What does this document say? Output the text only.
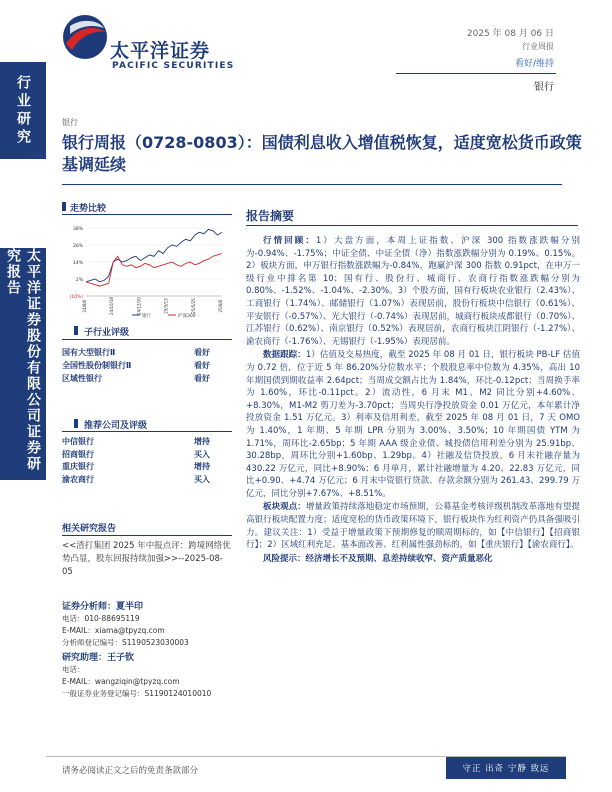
太平洋证券
PACIFIC SECURITIES
2025 年 08 月 06 日
行业周报
看好/维持
银行
行业研究
太平洋证券股份有限公司证券研究报告
银行
银行周报（0728-0803）：国债利息收入增值税恢复，适度宽松货币政策基调延续
走势比较
(10%)
2%
14%
26%
38%
24/8/6	24/10/18	24/12/30	25/3/13	25/5/25	25/8/6
银行	沪深300
子行业评级
国有大型银行Ⅱ	看好
全国性股份制银行Ⅱ	看好
区域性银行	看好
推荐公司及评级
中信银行	增持
招商银行	买入
重庆银行	增持
渝农商行	买入
相关研究报告
<<渣打集团 2025 年中报点评：跨境网络优势凸显，股东回报持续加强>>--2025-08-05
证券分析师：夏半印
电话：010-88695119
E-MAIL：xiama@tpyzq.com
分析师登记编号：S1190523030003
研究助理：王子钦
电话：
E-MAIL：wangziqin@tpyzq.com
一般证券业务登记编号：S1190124010010
报告摘要

行情回顾：1）大盘方面，本周上证指数、沪深 300 指数涨跌幅分别为-0.94%、-1.75%；中证全债、中证全债（净）指数涨跌幅分别为 0.19%、0.15%。2）板块方面，申万银行指数涨跌幅为-0.84%，跑赢沪深 300 指数 0.91pct，在申万一级行业中排名第 10；国有行、股份行、城商行、农商行指数涨跌幅分别为 0.80%、-1.52%、-1.04%、-2.30%。3）个股方面，国有行板块农业银行（2.43%）、工商银行（1.74%）、邮储银行（1.07%）表现居前，股份行板块中信银行（0.61%）、平安银行（-0.57%）、光大银行（-0.74%）表现居前，城商行板块成都银行（0.70%）、江苏银行（0.62%）、南京银行（0.52%）表现居前，农商行板块江阴银行（-1.27%）、渝农商行（-1.76%）、无锡银行（-1.95%）表现居前。

数据跟踪：1）估值及交易热度，截至 2025 年 08 月 01 日，银行板块 PB-LF 估值为 0.72 倍，位于近 5 年 86.20%分位数水平；个股股息率中位数为 4.35%，高出 10 年期国债到期收益率 2.64pct；当周成交额占比为 1.84%，环比-0.12pct；当周换手率为 1.60%，环比-0.11pct。2）流动性，6 月末 M1、M2 同比分别+4.60%、+8.30%，M1-M2 剪刀差为-3.70pct；当周央行净投放资金 0.01 万亿元，本年累计净投放资金 1.51 万亿元。3）利率及信用利差，截至 2025 年 08 月 01 日，7 天 OMO 为 1.40%，1 年期、5 年期 LPR 分别为 3.00%、3.50%；10 年期国债 YTM 为 1.71%，周环比-2.65bp；5 年期 AAA 级企业债、城投债信用利差分别为 25.91bp、30.28bp，周环比分别+1.60bp、1.29bp。4）社融及信贷投放，6 月末社融存量为 430.22 万亿元，同比+8.90%；6 月单月，累计社融增量为 4.20、22.83 万亿元，同比+0.90、+4.74 万亿元；6 月末中资银行贷款、存款余额分别为 261.43、299.79 万亿元，同比分别+7.67%、+8.51%。

板块观点：增量政策持续落地稳定市场预期，公募基金考核评级机制改革落地有望提高银行板块配置力度；适度宽松的货币政策环境下，银行板块作为红利资产仍具备强吸引力。建议关注：1）受益于增量政策下预期修复的顺周期标的，如【中信银行】【招商银行】；2）区域红利充足、基本面改善、红利属性强劲标的，如【重庆银行】【渝农商行】。

风险提示：经济增长不及预期、息差持续收窄、资产质量恶化

请务必阅读正文之后的免责条款部分	守正 出奇 宁静 致远
